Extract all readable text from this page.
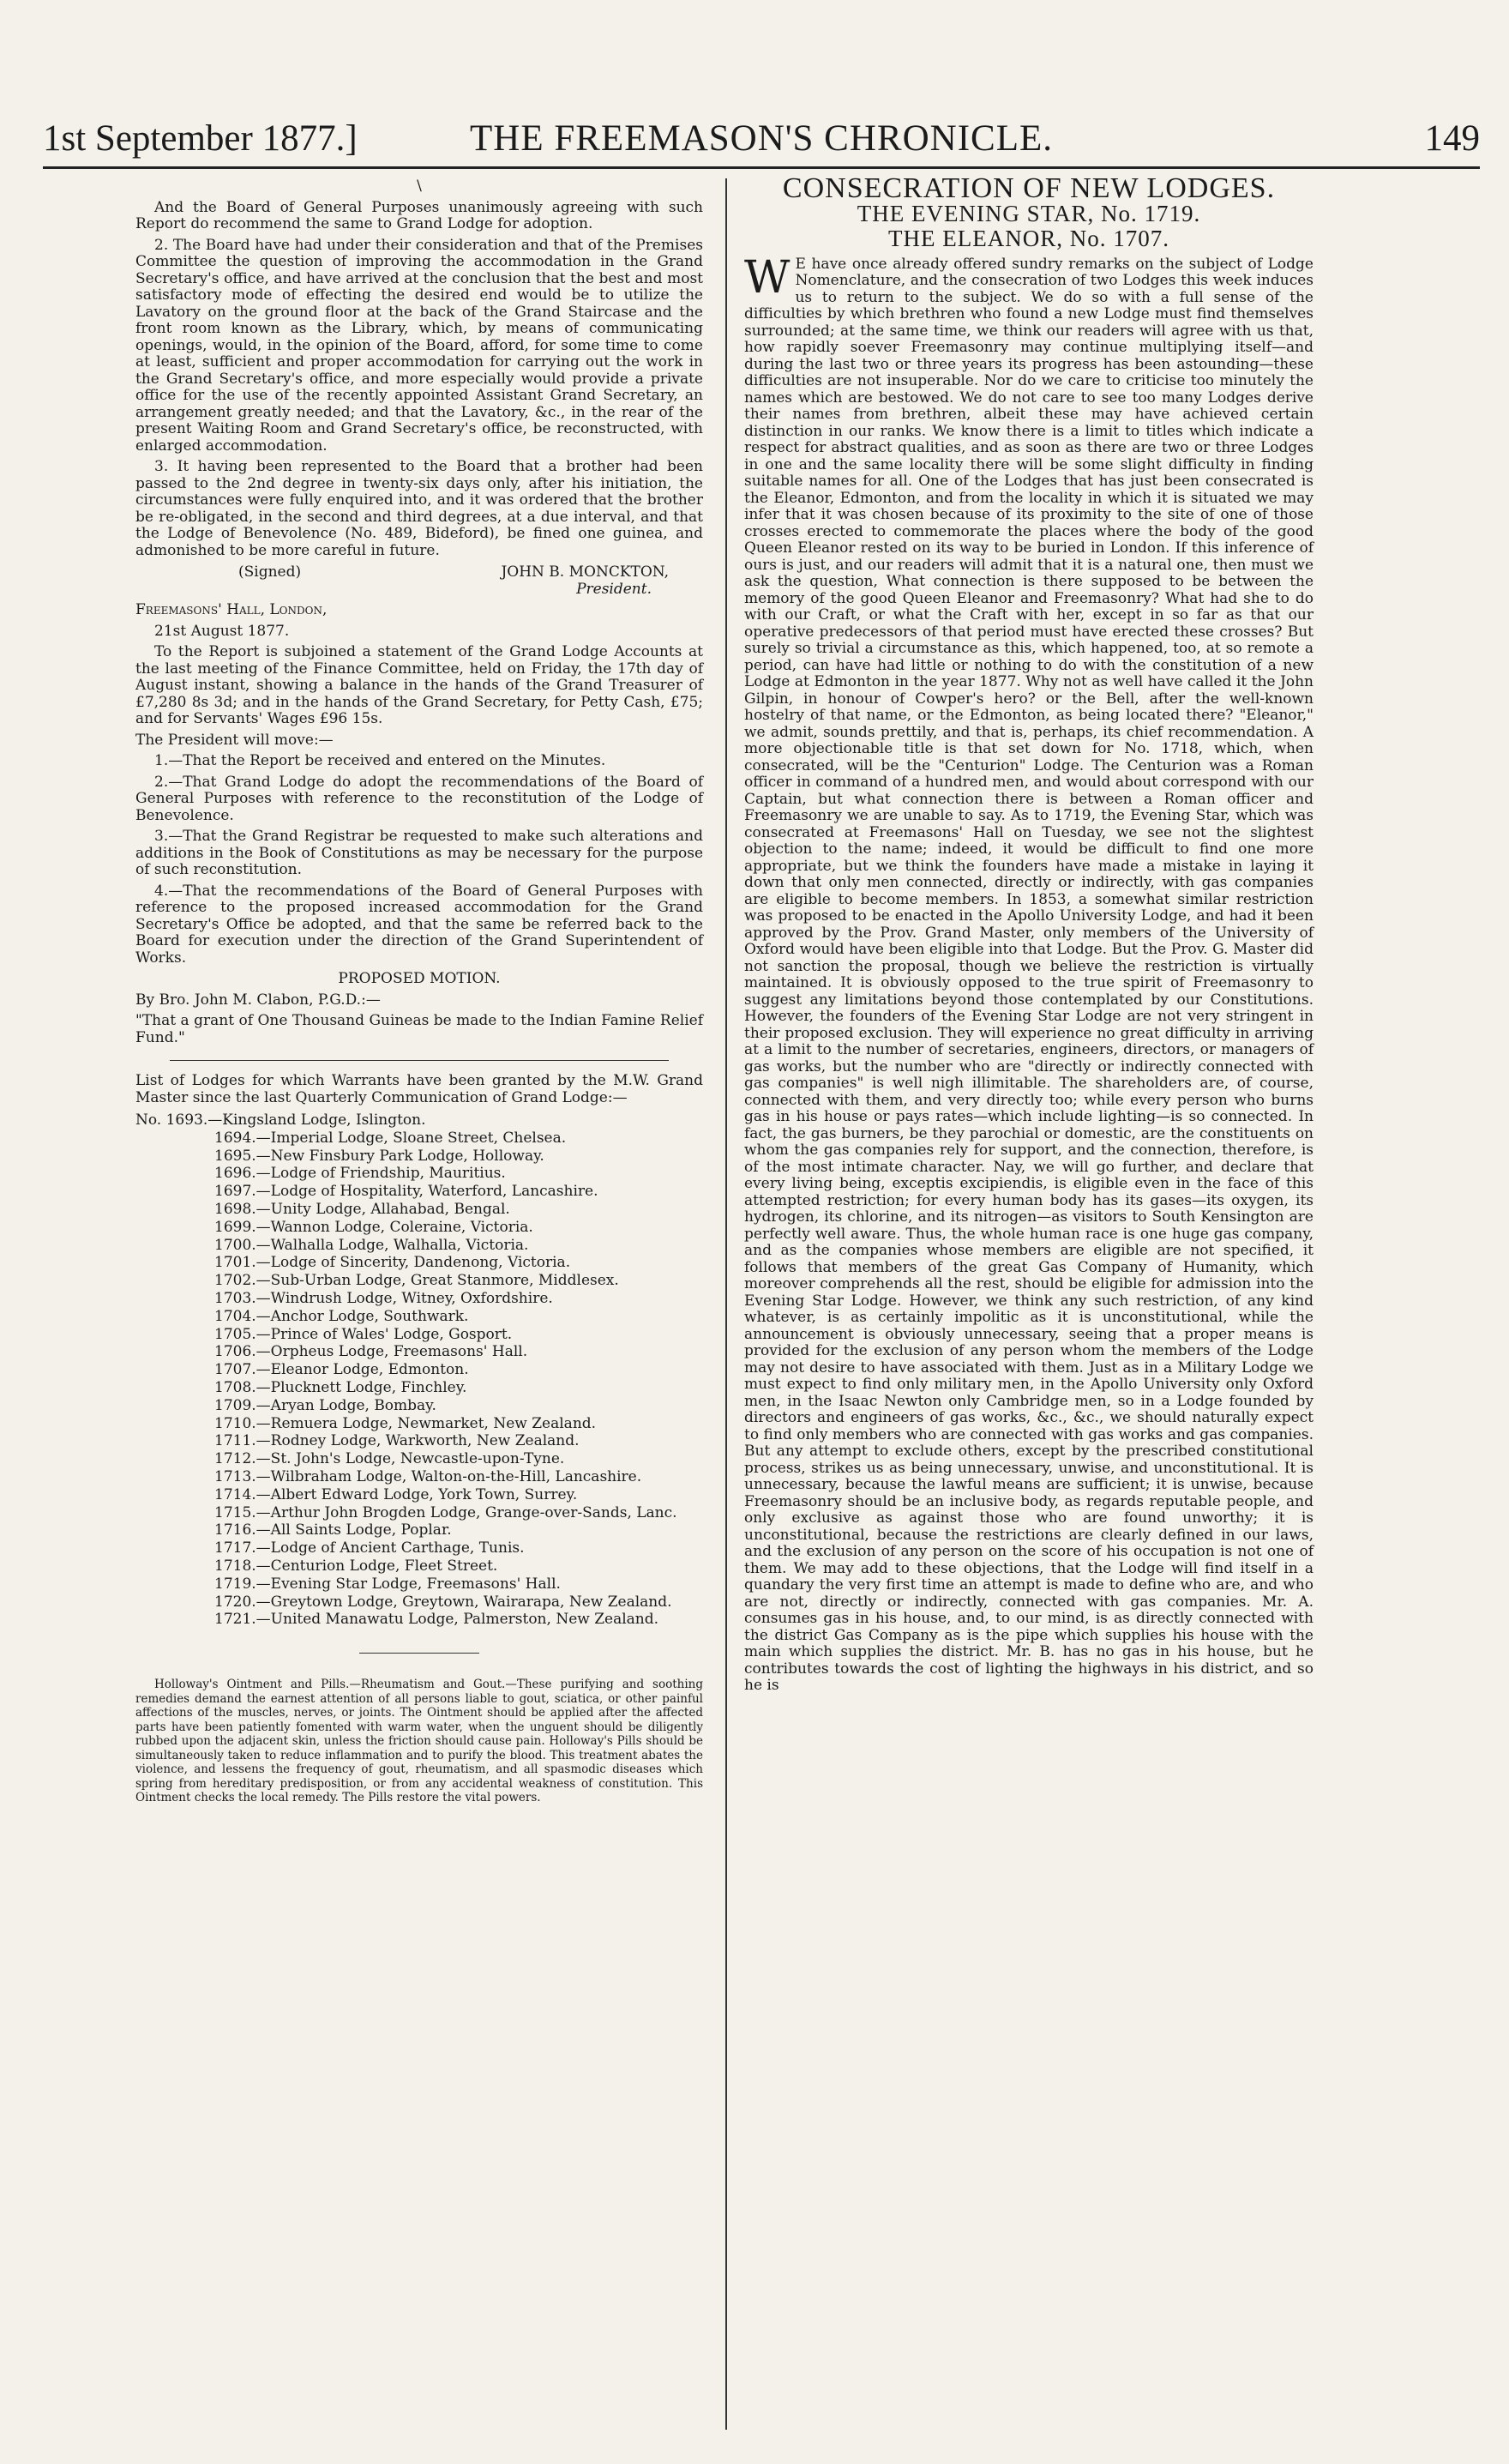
1st September 1877.]	THE FREEMASON'S CHRONICLE.	149

\

And the Board of General Purposes unanimously agreeing with such Report do recommend the same to Grand Lodge for adoption.

2. The Board have had under their consideration and that of the Premises Committee the question of improving the accommodation in the Grand Secretary's office, and have arrived at the conclusion that the best and most satisfactory mode of effecting the desired end would be to utilize the Lavatory on the ground floor at the back of the Grand Staircase and the front room known as the Library, which, by means of communicating openings, would, in the opinion of the Board, afford, for some time to come at least, sufficient and proper accommodation for carrying out the work in the Grand Secretary's office, and more especially would provide a private office for the use of the recently appointed Assistant Grand Secretary, an arrangement greatly needed; and that the Lavatory, &c., in the rear of the present Waiting Room and Grand Secretary's office, be reconstructed, with enlarged accommodation.

3. It having been represented to the Board that a brother had been passed to the 2nd degree in twenty-six days only, after his initiation, the circumstances were fully enquired into, and it was ordered that the brother be re-obligated, in the second and third degrees, at a due interval, and that the Lodge of Benevolence (No. 489, Bideford), be fined one guinea, and admonished to be more careful in future.

(Signed)	JOHN B. MONCKTON,

President.

Freemasons' Hall, London,

21st August 1877.

To the Report is subjoined a statement of the Grand Lodge Accounts at the last meeting of the Finance Committee, held on Friday, the 17th day of August instant, showing a balance in the hands of the Grand Treasurer of £7,280 8s 3d; and in the hands of the Grand Secretary, for Petty Cash, £75; and for Servants' Wages £96 15s.

The President will move:—

1.—That the Report be received and entered on the Minutes.

2.—That Grand Lodge do adopt the recommendations of the Board of General Purposes with reference to the reconstitution of the Lodge of Benevolence.

3.—That the Grand Registrar be requested to make such alterations and additions in the Book of Constitutions as may be necessary for the purpose of such reconstitution.

4.—That the recommendations of the Board of General Purposes with reference to the proposed increased accommodation for the Grand Secretary's Office be adopted, and that the same be referred back to the Board for execution under the direction of the Grand Superintendent of Works.

PROPOSED MOTION.

By Bro. John M. Clabon, P.G.D.:—

"That a grant of One Thousand Guineas be made to the Indian Famine Relief Fund."

List of Lodges for which Warrants have been granted by the M.W. Grand Master since the last Quarterly Communication of Grand Lodge:—

No. 1693.—Kingsland Lodge, Islington.
1694.—Imperial Lodge, Sloane Street, Chelsea.
1695.—New Finsbury Park Lodge, Holloway.
1696.—Lodge of Friendship, Mauritius.
1697.—Lodge of Hospitality, Waterford, Lancashire.
1698.—Unity Lodge, Allahabad, Bengal.
1699.—Wannon Lodge, Coleraine, Victoria.
1700.—Walhalla Lodge, Walhalla, Victoria.
1701.—Lodge of Sincerity, Dandenong, Victoria.
1702.—Sub-Urban Lodge, Great Stanmore, Middlesex.
1703.—Windrush Lodge, Witney, Oxfordshire.
1704.—Anchor Lodge, Southwark.
1705.—Prince of Wales' Lodge, Gosport.
1706.—Orpheus Lodge, Freemasons' Hall.
1707.—Eleanor Lodge, Edmonton.
1708.—Plucknett Lodge, Finchley.
1709.—Aryan Lodge, Bombay.
1710.—Remuera Lodge, Newmarket, New Zealand.
1711.—Rodney Lodge, Warkworth, New Zealand.
1712.—St. John's Lodge, Newcastle-upon-Tyne.
1713.—Wilbraham Lodge, Walton-on-the-Hill, Lancashire.
1714.—Albert Edward Lodge, York Town, Surrey.
1715.—Arthur John Brogden Lodge, Grange-over-Sands, Lanc.
1716.—All Saints Lodge, Poplar.
1717.—Lodge of Ancient Carthage, Tunis.
1718.—Centurion Lodge, Fleet Street.
1719.—Evening Star Lodge, Freemasons' Hall.
1720.—Greytown Lodge, Greytown, Wairarapa, New Zealand.
1721.—United Manawatu Lodge, Palmerston, New Zealand.

Holloway's Ointment and Pills.—Rheumatism and Gout.—These purifying and soothing remedies demand the earnest attention of all persons liable to gout, sciatica, or other painful affections of the muscles, nerves, or joints. The Ointment should be applied after the affected parts have been patiently fomented with warm water, when the unguent should be diligently rubbed upon the adjacent skin, unless the friction should cause pain. Holloway's Pills should be simultaneously taken to reduce inflammation and to purify the blood. This treatment abates the violence, and lessens the frequency of gout, rheumatism, and all spasmodic diseases which spring from hereditary predisposition, or from any accidental weakness of constitution. This Ointment checks the local remedy. The Pills restore the vital powers.

CONSECRATION OF NEW LODGES.
THE EVENING STAR, No. 1719.
THE ELEANOR, No. 1707.

W E have once already offered sundry remarks on the subject of Lodge Nomenclature, and the consecration of two Lodges this week induces us to return to the subject. We do so with a full sense of the difficulties by which brethren who found a new Lodge must find themselves surrounded; at the same time, we think our readers will agree with us that, how rapidly soever Freemasonry may continue multiplying itself—and during the last two or three years its progress has been astounding—these difficulties are not insuperable. Nor do we care to criticise too minutely the names which are bestowed. We do not care to see too many Lodges derive their names from brethren, albeit these may have achieved certain distinction in our ranks. We know there is a limit to titles which indicate a respect for abstract qualities, and as soon as there are two or three Lodges in one and the same locality there will be some slight difficulty in finding suitable names for all. One of the Lodges that has just been consecrated is the Eleanor, Edmonton, and from the locality in which it is situated we may infer that it was chosen because of its proximity to the site of one of those crosses erected to commemorate the places where the body of the good Queen Eleanor rested on its way to be buried in London. If this inference of ours is just, and our readers will admit that it is a natural one, then must we ask the question, What connection is there supposed to be between the memory of the good Queen Eleanor and Freemasonry? What had she to do with our Craft, or what the Craft with her, except in so far as that our operative predecessors of that period must have erected these crosses? But surely so trivial a circumstance as this, which happened, too, at so remote a period, can have had little or nothing to do with the constitution of a new Lodge at Edmonton in the year 1877. Why not as well have called it the John Gilpin, in honour of Cowper's hero? or the Bell, after the well-known hostelry of that name, or the Edmonton, as being located there? "Eleanor," we admit, sounds prettily, and that is, perhaps, its chief recommendation. A more objectionable title is that set down for No. 1718, which, when consecrated, will be the "Centurion" Lodge. The Centurion was a Roman officer in command of a hundred men, and would about correspond with our Captain, but what connection there is between a Roman officer and Freemasonry we are unable to say. As to 1719, the Evening Star, which was consecrated at Freemasons' Hall on Tuesday, we see not the slightest objection to the name; indeed, it would be difficult to find one more appropriate, but we think the founders have made a mistake in laying it down that only men connected, directly or indirectly, with gas companies are eligible to become members. In 1853, a somewhat similar restriction was proposed to be enacted in the Apollo University Lodge, and had it been approved by the Prov. Grand Master, only members of the University of Oxford would have been eligible into that Lodge. But the Prov. G. Master did not sanction the proposal, though we believe the restriction is virtually maintained. It is obviously opposed to the true spirit of Freemasonry to suggest any limitations beyond those contemplated by our Constitutions. However, the founders of the Evening Star Lodge are not very stringent in their proposed exclusion. They will experience no great difficulty in arriving at a limit to the number of secretaries, engineers, directors, or managers of gas works, but the number who are "directly or indirectly connected with gas companies" is well nigh illimitable. The shareholders are, of course, connected with them, and very directly too; while every person who burns gas in his house or pays rates—which include lighting—is so connected. In fact, the gas burners, be they parochial or domestic, are the constituents on whom the gas companies rely for support, and the connection, therefore, is of the most intimate character. Nay, we will go further, and declare that every living being, exceptis excipiendis, is eligible even in the face of this attempted restriction; for every human body has its gases—its oxygen, its hydrogen, its chlorine, and its nitrogen—as visitors to South Kensington are perfectly well aware. Thus, the whole human race is one huge gas company, and as the companies whose members are eligible are not specified, it follows that members of the great Gas Company of Humanity, which moreover comprehends all the rest, should be eligible for admission into the Evening Star Lodge. However, we think any such restriction, of any kind whatever, is as certainly impolitic as it is unconstitutional, while the announcement is obviously unnecessary, seeing that a proper means is provided for the exclusion of any person whom the members of the Lodge may not desire to have associated with them. Just as in a Military Lodge we must expect to find only military men, in the Apollo University only Oxford men, in the Isaac Newton only Cambridge men, so in a Lodge founded by directors and engineers of gas works, &c., &c., we should naturally expect to find only members who are connected with gas works and gas companies. But any attempt to exclude others, except by the prescribed constitutional process, strikes us as being unnecessary, unwise, and unconstitutional. It is unnecessary, because the lawful means are sufficient; it is unwise, because Freemasonry should be an inclusive body, as regards reputable people, and only exclusive as against those who are found unworthy; it is unconstitutional, because the restrictions are clearly defined in our laws, and the exclusion of any person on the score of his occupation is not one of them. We may add to these objections, that the Lodge will find itself in a quandary the very first time an attempt is made to define who are, and who are not, directly or indirectly, connected with gas companies. Mr. A. consumes gas in his house, and, to our mind, is as directly connected with the district Gas Company as is the pipe which supplies his house with the main which supplies the district. Mr. B. has no gas in his house, but he contributes towards the cost of lighting the highways in his district, and so he is
